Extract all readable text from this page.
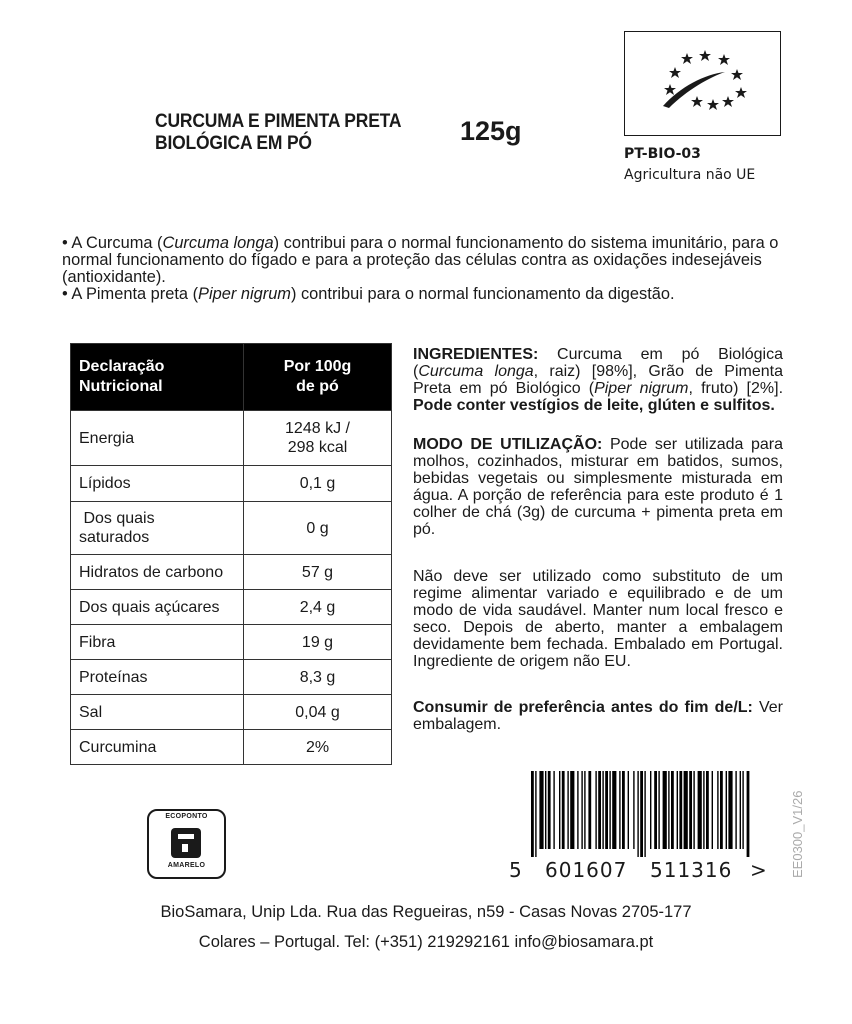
CURCUMA E PIMENTA PRETA
BIOLÓGICA EM PÓ	125g
PT-BIO-03
Agricultura não UE

• A Curcuma (Curcuma longa) contribui para o normal funcionamento do sistema imunitário, para o normal funcionamento do fígado e para a proteção das células contra as oxidações indesejáveis (antioxidante).

• A Pimenta preta (Piper nigrum) contribui para o normal funcionamento da digestão.

Declaração
Nutricional	Por 100g
de pó
Energia	1248 kJ /
298 kcal
Lípidos	0,1 g
Dos quais
saturados	0 g
Hidratos de carbono	57 g
Dos quais açúcares	2,4 g
Fibra	19 g
Proteínas	8,3 g
Sal	0,04 g
Curcumina	2%
INGREDIENTES: Curcuma em pó Biológica (Curcuma longa, raiz) [98%], Grão de Pimenta Preta em pó Biológico (Piper nigrum, fruto) [2%]. Pode conter vestígios de leite, glúten e sulfitos.
MODO DE UTILIZAÇÃO: Pode ser utilizada para molhos, cozinhados, misturar em batidos, sumos, bebidas vegetais ou simplesmente misturada em água. A porção de referência para este produto é 1 colher de chá (3g) de curcuma + pimenta preta em pó.
Não deve ser utilizado como substituto de um regime alimentar variado e equilibrado e de um modo de vida saudável. Manter num local fresco e seco. Depois de aberto, manter a embalagem devidamente bem fechada. Embalado em Portugal. Ingrediente de origem não EU.
Consumir de preferência antes do fim de/L: Ver embalagem.
ECOPONTO
AMARELO	5 601607 511316 > EE0300_V1/26
BioSamara, Unip Lda. Rua das Regueiras, n59 - Casas Novas 2705-177
Colares – Portugal. Tel: (+351) 219292161 info@biosamara.pt
